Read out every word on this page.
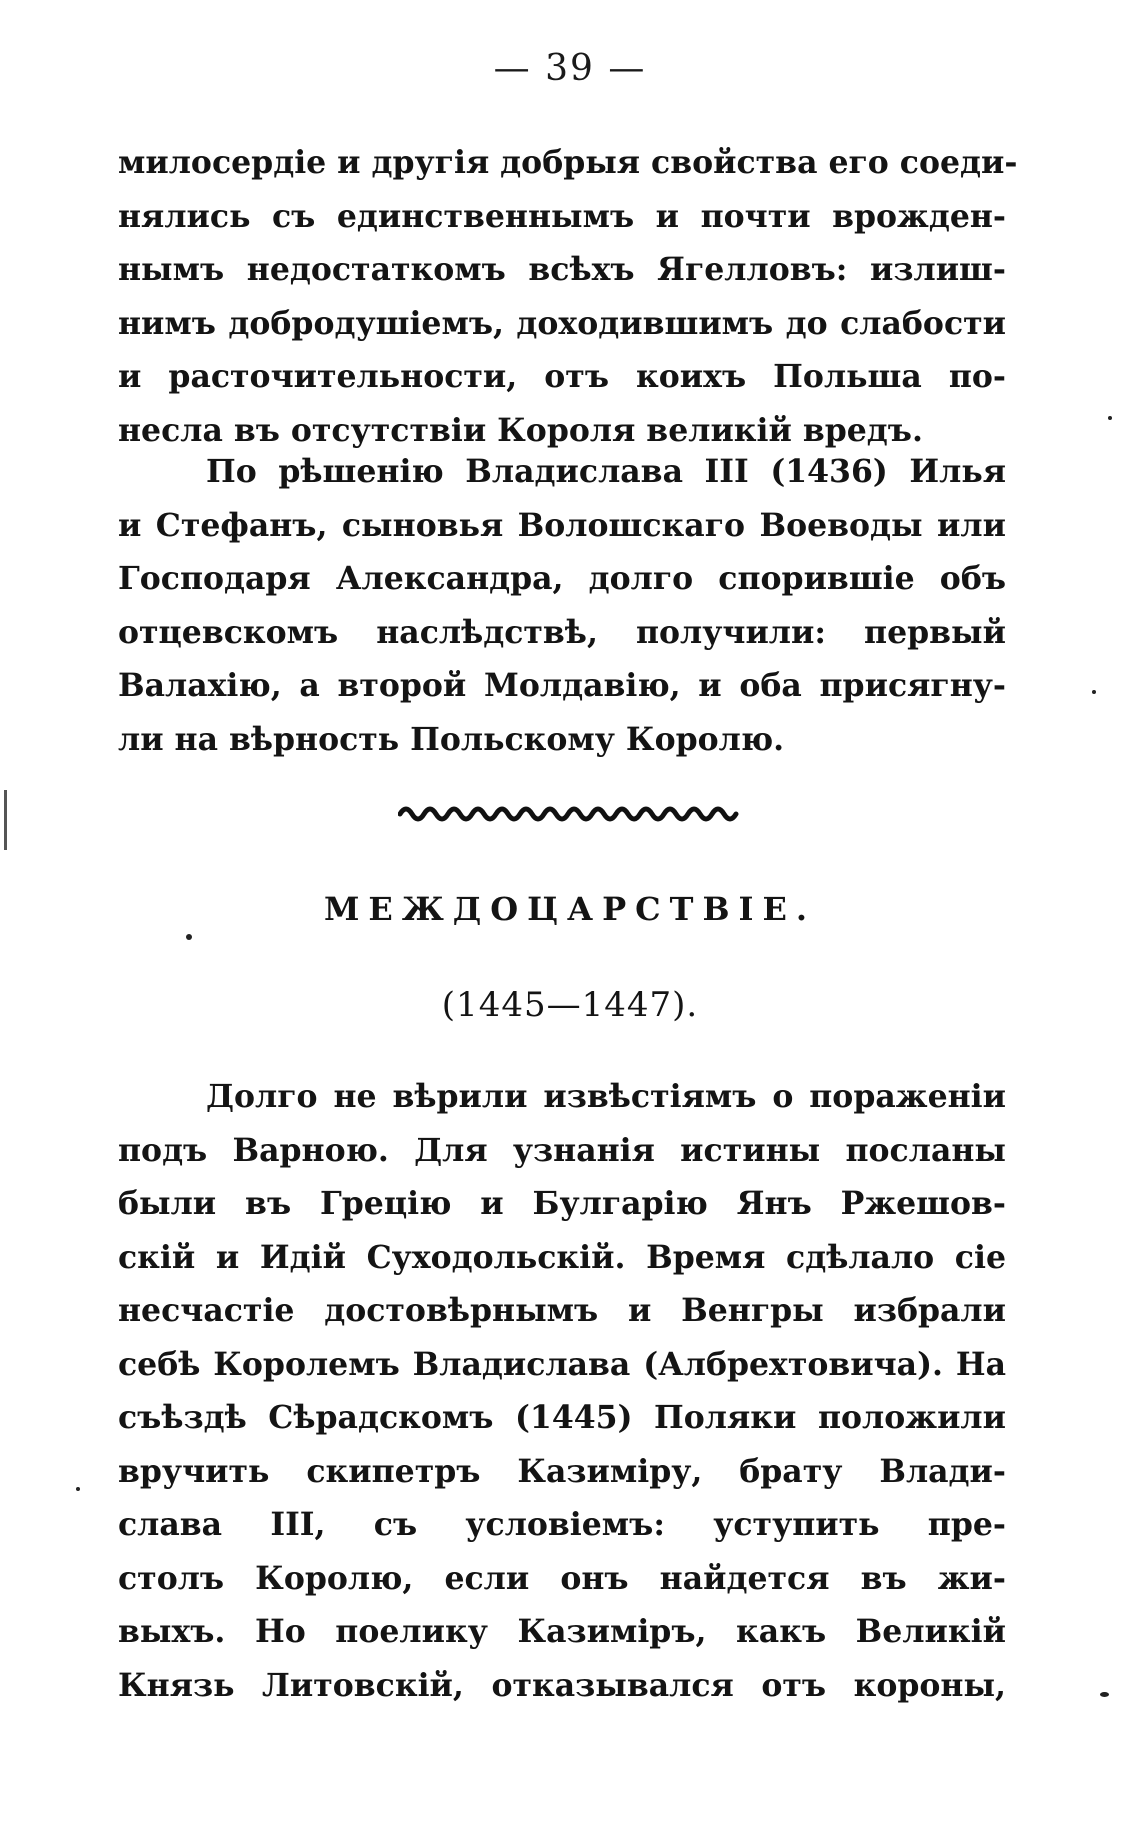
— 39 —
милосердіе и другія добрыя свойства его соеди-
нялись съ единственнымъ и почти врожден-
нымъ недостаткомъ всѣхъ Ягелловъ: излиш-
нимъ добродушіемъ, доходившимъ до слабости
и расточительности, отъ коихъ Польша по-
несла въ отсутствіи Короля великій вредъ.
По рѣшенію Владислава III (1436) Илья
и Стефанъ, сыновья Волошскаго Воеводы или
Господаря Александра, долго спорившіе объ
отцевскомъ наслѣдствѣ, получили: первый
Валахію, а второй Молдавію, и оба присягну-
ли на вѣрность Польскому Королю.
МЕЖДОЦАРСТВІЕ.
(1445—1447).
Долго не вѣрили извѣстіямъ о пораженіи
подъ Варною. Для узнанія истины посланы
были въ Грецію и Булгарію Янъ Ржешов-
скій и Идій Суходольскій. Время сдѣлало сіе
несчастіе достовѣрнымъ и Венгры избрали
себѣ Королемъ Владислава (Албрехтовича). На
съѣздѣ Сѣрадскомъ (1445) Поляки положили
вручить скипетръ Казиміру, брату Влади-
слава III, съ условіемъ: уступить пре-
столъ Королю, если онъ найдется въ жи-
выхъ. Но поелику Казиміръ, какъ Великій
Князь Литовскій, отказывался отъ короны,
